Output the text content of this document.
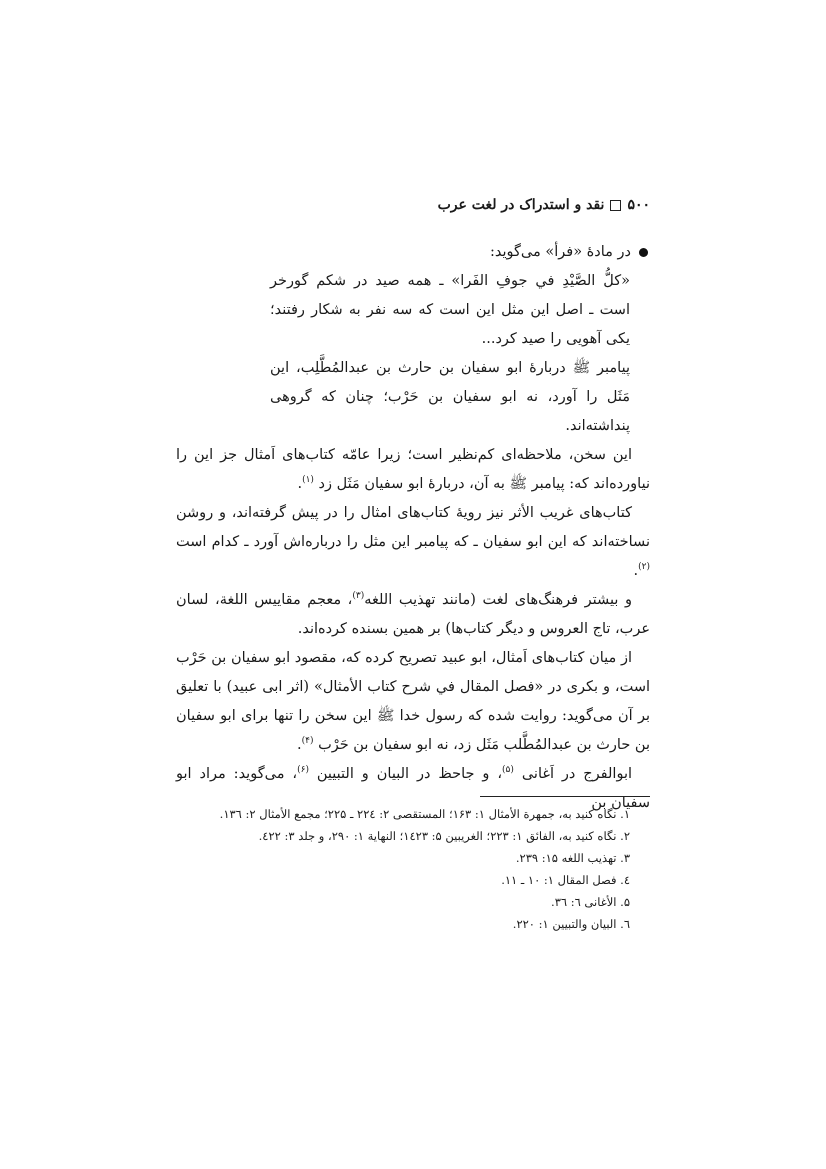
۵۰۰
نقد و استدراک در لغت عرب
در مادهٔ «فرأ» می‌گوید:

«کلُّ الصَّیْدِ في جوفِ الفَرا» ـ همه صید در شکم گورخر است ـ اصل این مثل این است که سه نفر به شکار رفتند؛ یکی آهویی را صید کرد...

پیامبر ﷺ دربارهٔ ابو سفیان بن حارث بن عبدالمُطَّلِب، این مَثَل را آورد، نه ابو سفیان بن حَرْب؛ چنان که گروهی پنداشته‌اند.

این سخن، ملاحظه‌ای کم‌نظیر است؛ زیرا عامّه کتاب‌های اَمثال جز این را نیاورده‌اند که: پیامبر ﷺ به آن، دربارهٔ ابو سفیان مَثَل زد $^{(۱)}$.

کتاب‌های غریب الأثر نیز رویهٔ کتاب‌های امثال را در پیش گرفته‌اند، و روشن نساخته‌اند که این ابو سفیان ـ که پیامبر این مثل را درباره‌اش آورد ـ کدام است $^{(۲)}$.

و بیشتر فرهنگ‌های لغت (مانند تهذیب اللغه$^{(۳)}$، معجم مقاییس اللغة، لسان عرب، تاج العروس و دیگر کتاب‌ها) بر همین بسنده کرده‌اند.

از میان کتاب‌های اَمثال، ابو عبید تصریح کرده که، مقصود ابو سفیان بن حَرْب است، و بکری در «فصل المقال في شرح کتاب الأمثال» (اثر ابی عبید) با تعلیق بر آن می‌گوید: روایت شده که رسول خدا ﷺ این سخن را تنها برای ابو سفیان بن حارث بن عبدالمُطَّلب مَثَل زد، نه ابو سفیان بن حَرْب $^{(۴)}$.

ابوالفرج در اَغانی $^{(۵)}$، و جاحظ در البیان و التبیین $^{(۶)}$، می‌گوید: مراد ابو سفیان بن

۱. نگاه کنید به، جمهرة الأمثال ۱: ۱۶۳؛ المستقصی ۲: ۲۲٤ ـ ۲۲۵؛ مجمع الأمثال ۲: ۱۳٦.
۲. نگاه کنید به، الفائق ۱: ۲۲۳؛ الغریبین ۵: ۱٤۲۳؛ النهایة ۱: ۲۹۰، و جلد ۳: ٤۲۲.
۳. تهذیب اللغه ۱۵: ۲۳۹.
٤. فصل المقال ۱: ۱۰ ـ ۱۱.
۵. الأغانی ٦: ۳٦.
٦. البیان والتبیین ۱: ۲۲۰.
